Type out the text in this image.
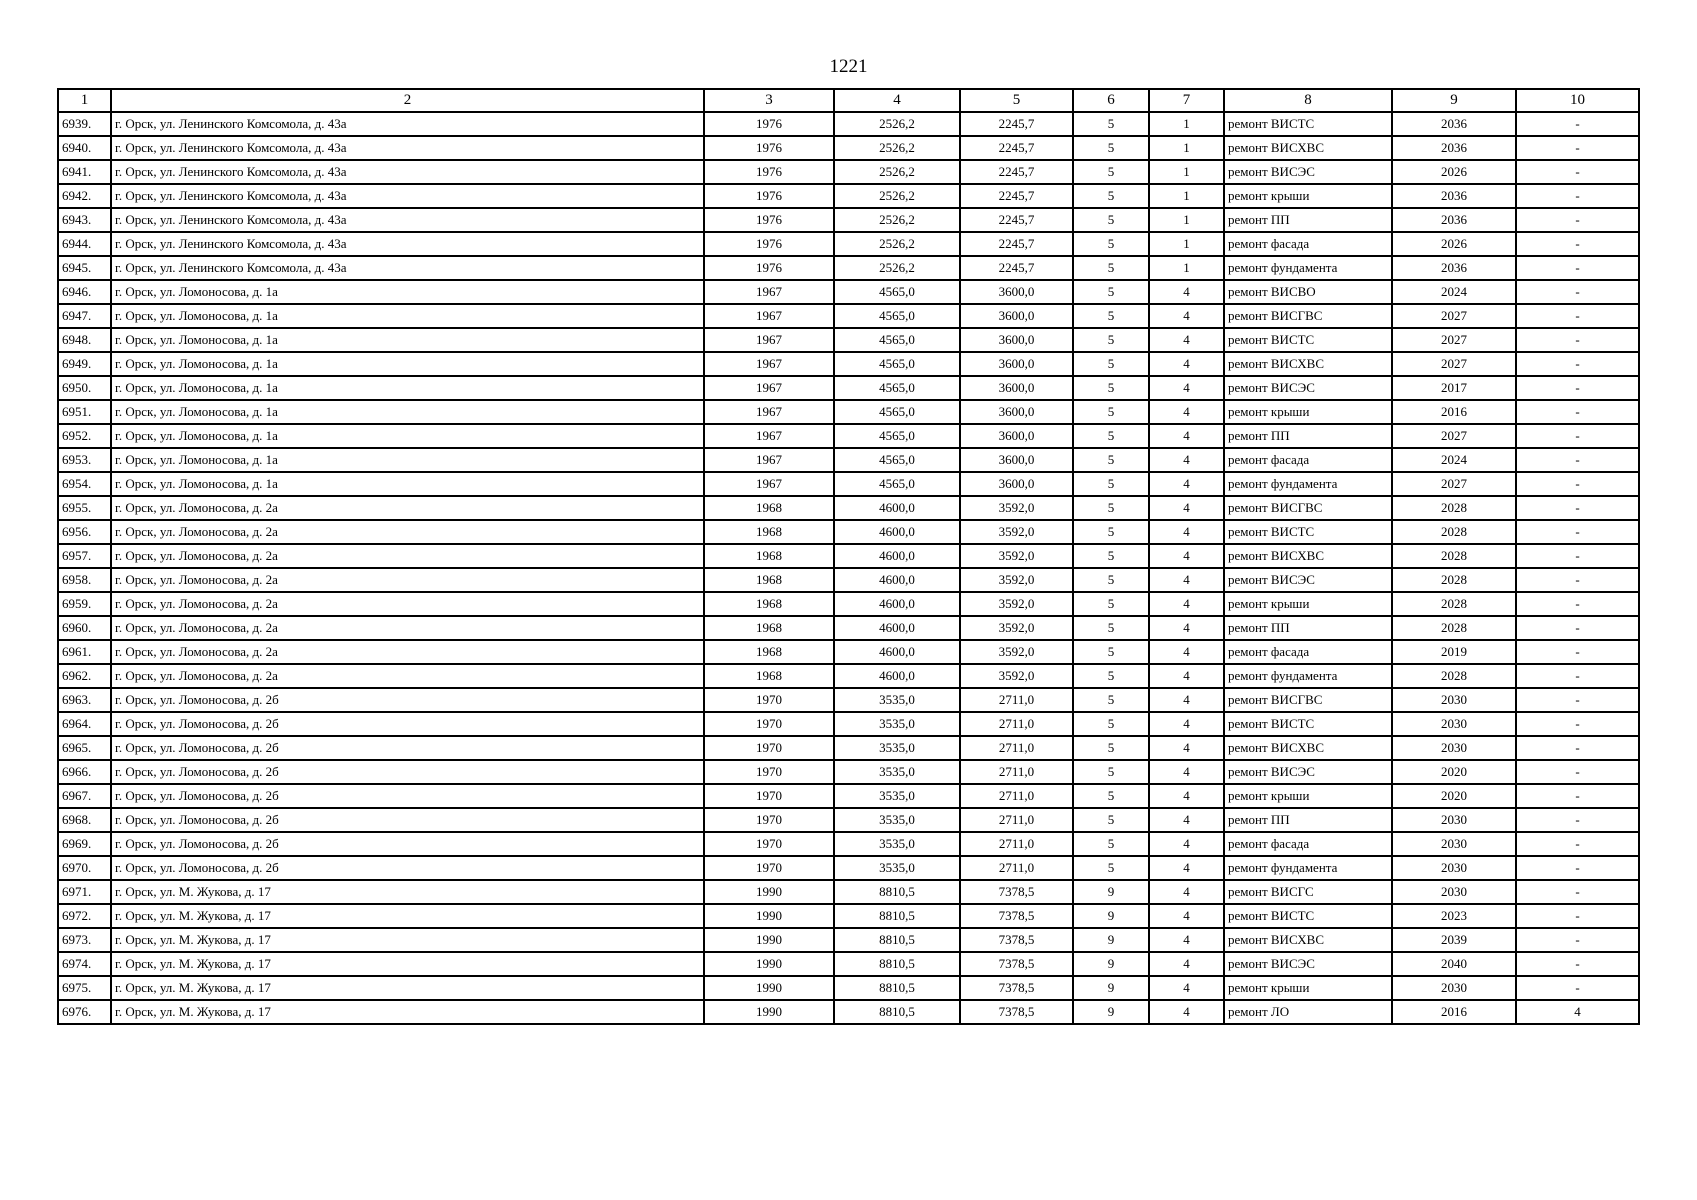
1221
1	2	3	4	5	6	7	8	9	10
6939.	г. Орск, ул. Ленинского Комсомола, д. 43а	1976	2526,2	2245,7	5	1	ремонт ВИСТС	2036	-
6940.	г. Орск, ул. Ленинского Комсомола, д. 43а	1976	2526,2	2245,7	5	1	ремонт ВИСХВС	2036	-
6941.	г. Орск, ул. Ленинского Комсомола, д. 43а	1976	2526,2	2245,7	5	1	ремонт ВИСЭС	2026	-
6942.	г. Орск, ул. Ленинского Комсомола, д. 43а	1976	2526,2	2245,7	5	1	ремонт крыши	2036	-
6943.	г. Орск, ул. Ленинского Комсомола, д. 43а	1976	2526,2	2245,7	5	1	ремонт ПП	2036	-
6944.	г. Орск, ул. Ленинского Комсомола, д. 43а	1976	2526,2	2245,7	5	1	ремонт фасада	2026	-
6945.	г. Орск, ул. Ленинского Комсомола, д. 43а	1976	2526,2	2245,7	5	1	ремонт фундамента	2036	-
6946.	г. Орск, ул. Ломоносова, д. 1а	1967	4565,0	3600,0	5	4	ремонт ВИСВО	2024	-
6947.	г. Орск, ул. Ломоносова, д. 1а	1967	4565,0	3600,0	5	4	ремонт ВИСГВС	2027	-
6948.	г. Орск, ул. Ломоносова, д. 1а	1967	4565,0	3600,0	5	4	ремонт ВИСТС	2027	-
6949.	г. Орск, ул. Ломоносова, д. 1а	1967	4565,0	3600,0	5	4	ремонт ВИСХВС	2027	-
6950.	г. Орск, ул. Ломоносова, д. 1а	1967	4565,0	3600,0	5	4	ремонт ВИСЭС	2017	-
6951.	г. Орск, ул. Ломоносова, д. 1а	1967	4565,0	3600,0	5	4	ремонт крыши	2016	-
6952.	г. Орск, ул. Ломоносова, д. 1а	1967	4565,0	3600,0	5	4	ремонт ПП	2027	-
6953.	г. Орск, ул. Ломоносова, д. 1а	1967	4565,0	3600,0	5	4	ремонт фасада	2024	-
6954.	г. Орск, ул. Ломоносова, д. 1а	1967	4565,0	3600,0	5	4	ремонт фундамента	2027	-
6955.	г. Орск, ул. Ломоносова, д. 2а	1968	4600,0	3592,0	5	4	ремонт ВИСГВС	2028	-
6956.	г. Орск, ул. Ломоносова, д. 2а	1968	4600,0	3592,0	5	4	ремонт ВИСТС	2028	-
6957.	г. Орск, ул. Ломоносова, д. 2а	1968	4600,0	3592,0	5	4	ремонт ВИСХВС	2028	-
6958.	г. Орск, ул. Ломоносова, д. 2а	1968	4600,0	3592,0	5	4	ремонт ВИСЭС	2028	-
6959.	г. Орск, ул. Ломоносова, д. 2а	1968	4600,0	3592,0	5	4	ремонт крыши	2028	-
6960.	г. Орск, ул. Ломоносова, д. 2а	1968	4600,0	3592,0	5	4	ремонт ПП	2028	-
6961.	г. Орск, ул. Ломоносова, д. 2а	1968	4600,0	3592,0	5	4	ремонт фасада	2019	-
6962.	г. Орск, ул. Ломоносова, д. 2а	1968	4600,0	3592,0	5	4	ремонт фундамента	2028	-
6963.	г. Орск, ул. Ломоносова, д. 2б	1970	3535,0	2711,0	5	4	ремонт ВИСГВС	2030	-
6964.	г. Орск, ул. Ломоносова, д. 2б	1970	3535,0	2711,0	5	4	ремонт ВИСТС	2030	-
6965.	г. Орск, ул. Ломоносова, д. 2б	1970	3535,0	2711,0	5	4	ремонт ВИСХВС	2030	-
6966.	г. Орск, ул. Ломоносова, д. 2б	1970	3535,0	2711,0	5	4	ремонт ВИСЭС	2020	-
6967.	г. Орск, ул. Ломоносова, д. 2б	1970	3535,0	2711,0	5	4	ремонт крыши	2020	-
6968.	г. Орск, ул. Ломоносова, д. 2б	1970	3535,0	2711,0	5	4	ремонт ПП	2030	-
6969.	г. Орск, ул. Ломоносова, д. 2б	1970	3535,0	2711,0	5	4	ремонт фасада	2030	-
6970.	г. Орск, ул. Ломоносова, д. 2б	1970	3535,0	2711,0	5	4	ремонт фундамента	2030	-
6971.	г. Орск, ул. М. Жукова, д. 17	1990	8810,5	7378,5	9	4	ремонт ВИСГС	2030	-
6972.	г. Орск, ул. М. Жукова, д. 17	1990	8810,5	7378,5	9	4	ремонт ВИСТС	2023	-
6973.	г. Орск, ул. М. Жукова, д. 17	1990	8810,5	7378,5	9	4	ремонт ВИСХВС	2039	-
6974.	г. Орск, ул. М. Жукова, д. 17	1990	8810,5	7378,5	9	4	ремонт ВИСЭС	2040	-
6975.	г. Орск, ул. М. Жукова, д. 17	1990	8810,5	7378,5	9	4	ремонт крыши	2030	-
6976.	г. Орск, ул. М. Жукова, д. 17	1990	8810,5	7378,5	9	4	ремонт ЛО	2016	4
